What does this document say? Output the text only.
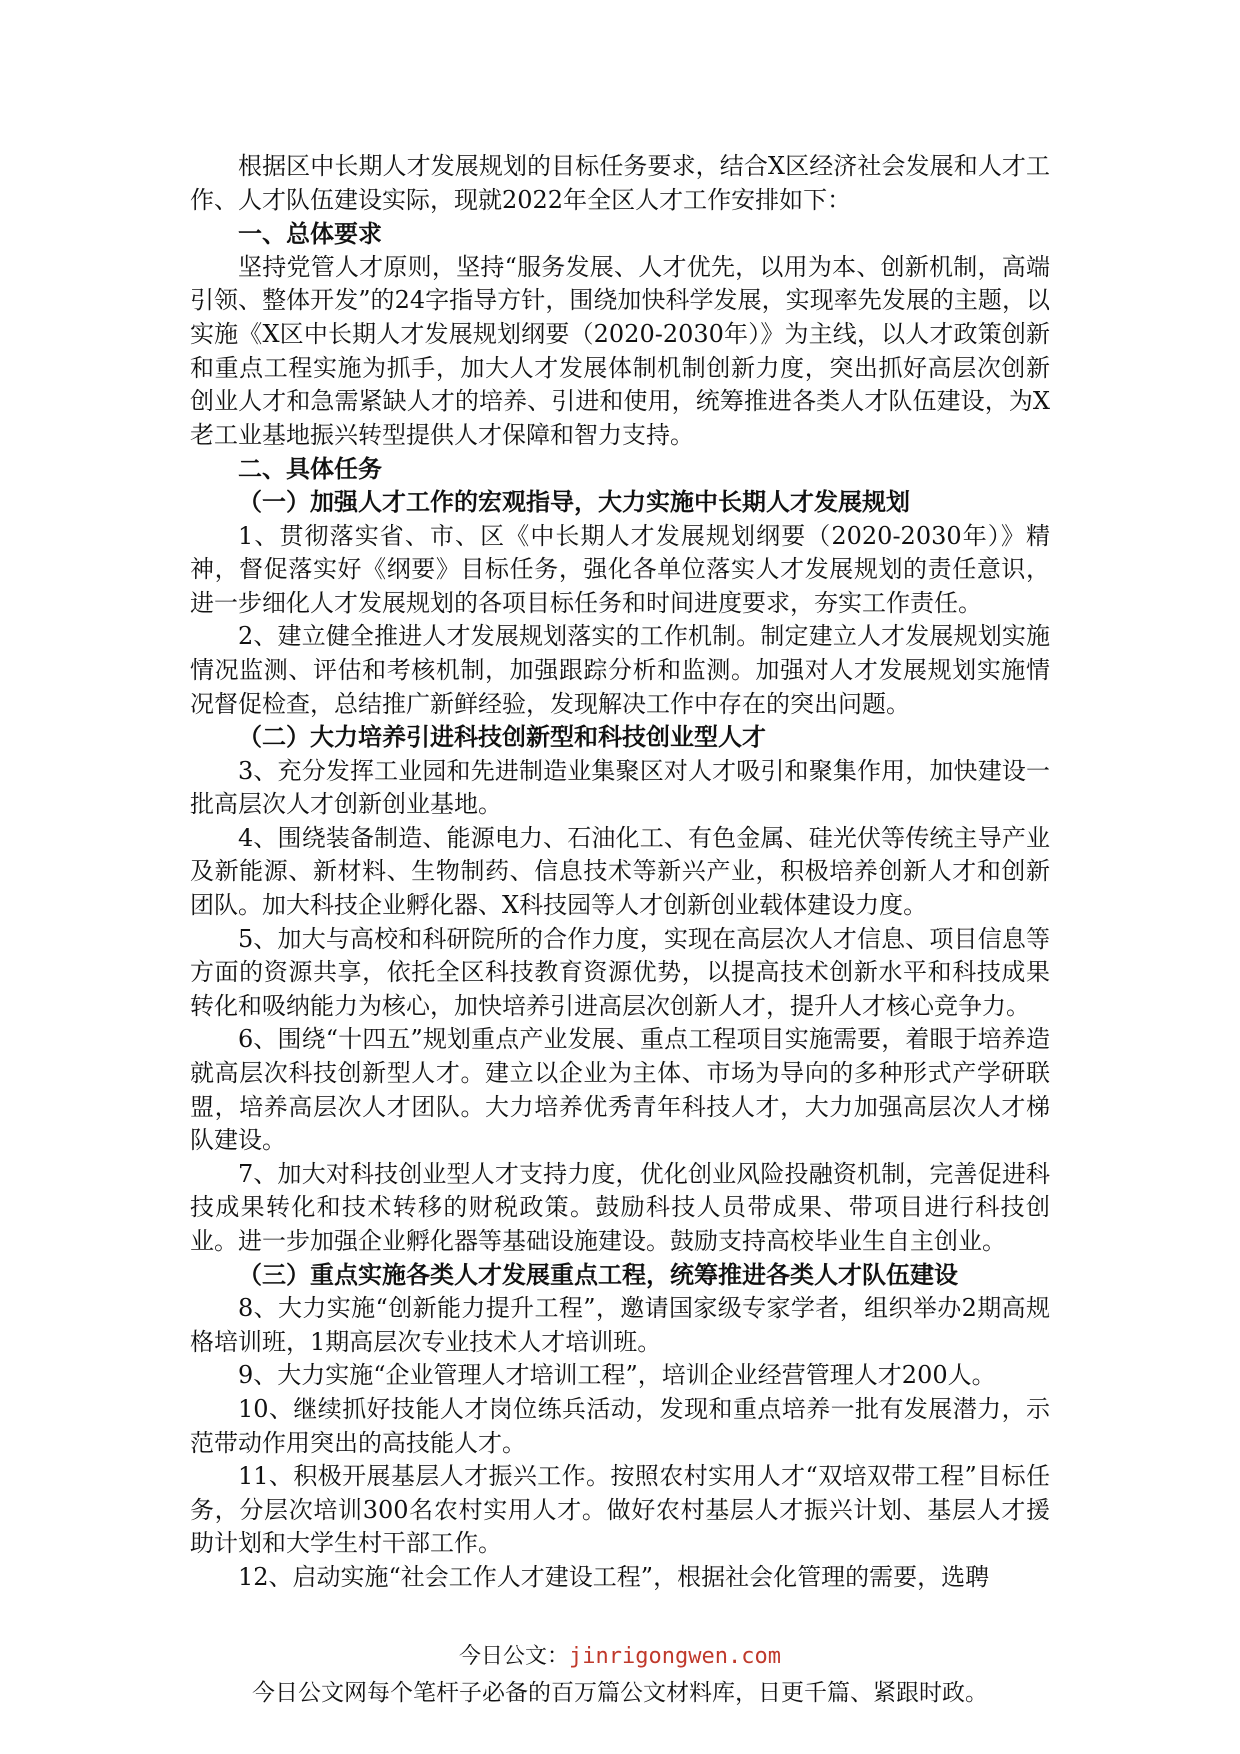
根据区中长期人才发展规划的目标任务要求，结合X区经济社会发展和人才工作、人才队伍建设实际，现就2022年全区人才工作安排如下：

一、总体要求

坚持党管人才原则，坚持“服务发展、人才优先，以用为本、创新机制，高端引领、整体开发”的24字指导方针，围绕加快科学发展，实现率先发展的主题，以实施《X区中长期人才发展规划纲要（2020-2030年）》为主线，以人才政策创新和重点工程实施为抓手，加大人才发展体制机制创新力度，突出抓好高层次创新创业人才和急需紧缺人才的培养、引进和使用，统筹推进各类人才队伍建设，为X老工业基地振兴转型提供人才保障和智力支持。

二、具体任务
（一）加强人才工作的宏观指导，大力实施中长期人才发展规划

1、贯彻落实省、市、区《中长期人才发展规划纲要（2020-2030年）》精神，督促落实好《纲要》目标任务，强化各单位落实人才发展规划的责任意识，进一步细化人才发展规划的各项目标任务和时间进度要求，夯实工作责任。

2、建立健全推进人才发展规划落实的工作机制。制定建立人才发展规划实施情况监测、评估和考核机制，加强跟踪分析和监测。加强对人才发展规划实施情况督促检查，总结推广新鲜经验，发现解决工作中存在的突出问题。

（二）大力培养引进科技创新型和科技创业型人才

3、充分发挥工业园和先进制造业集聚区对人才吸引和聚集作用，加快建设一批高层次人才创新创业基地。

4、围绕装备制造、能源电力、石油化工、有色金属、硅光伏等传统主导产业及新能源、新材料、生物制药、信息技术等新兴产业，积极培养创新人才和创新团队。加大科技企业孵化器、X科技园等人才创新创业载体建设力度。

5、加大与高校和科研院所的合作力度，实现在高层次人才信息、项目信息等方面的资源共享，依托全区科技教育资源优势，以提高技术创新水平和科技成果转化和吸纳能力为核心，加快培养引进高层次创新人才，提升人才核心竞争力。

6、围绕“十四五”规划重点产业发展、重点工程项目实施需要，着眼于培养造就高层次科技创新型人才。建立以企业为主体、市场为导向的多种形式产学研联盟，培养高层次人才团队。大力培养优秀青年科技人才，大力加强高层次人才梯队建设。

7、加大对科技创业型人才支持力度，优化创业风险投融资机制，完善促进科技成果转化和技术转移的财税政策。鼓励科技人员带成果、带项目进行科技创业。进一步加强企业孵化器等基础设施建设。鼓励支持高校毕业生自主创业。

（三）重点实施各类人才发展重点工程，统筹推进各类人才队伍建设

8、大力实施“创新能力提升工程”，邀请国家级专家学者，组织举办2期高规格培训班，1期高层次专业技术人才培训班。

9、大力实施“企业管理人才培训工程”，培训企业经营管理人才200人。

10、继续抓好技能人才岗位练兵活动，发现和重点培养一批有发展潜力，示范带动作用突出的高技能人才。

11、积极开展基层人才振兴工作。按照农村实用人才“双培双带工程”目标任务，分层次培训300名农村实用人才。做好农村基层人才振兴计划、基层人才援助计划和大学生村干部工作。

12、启动实施“社会工作人才建设工程”，根据社会化管理的需要，选聘

今日公文：jinrigongwen.com
今日公文网每个笔杆子必备的百万篇公文材料库，日更千篇、紧跟时政。
